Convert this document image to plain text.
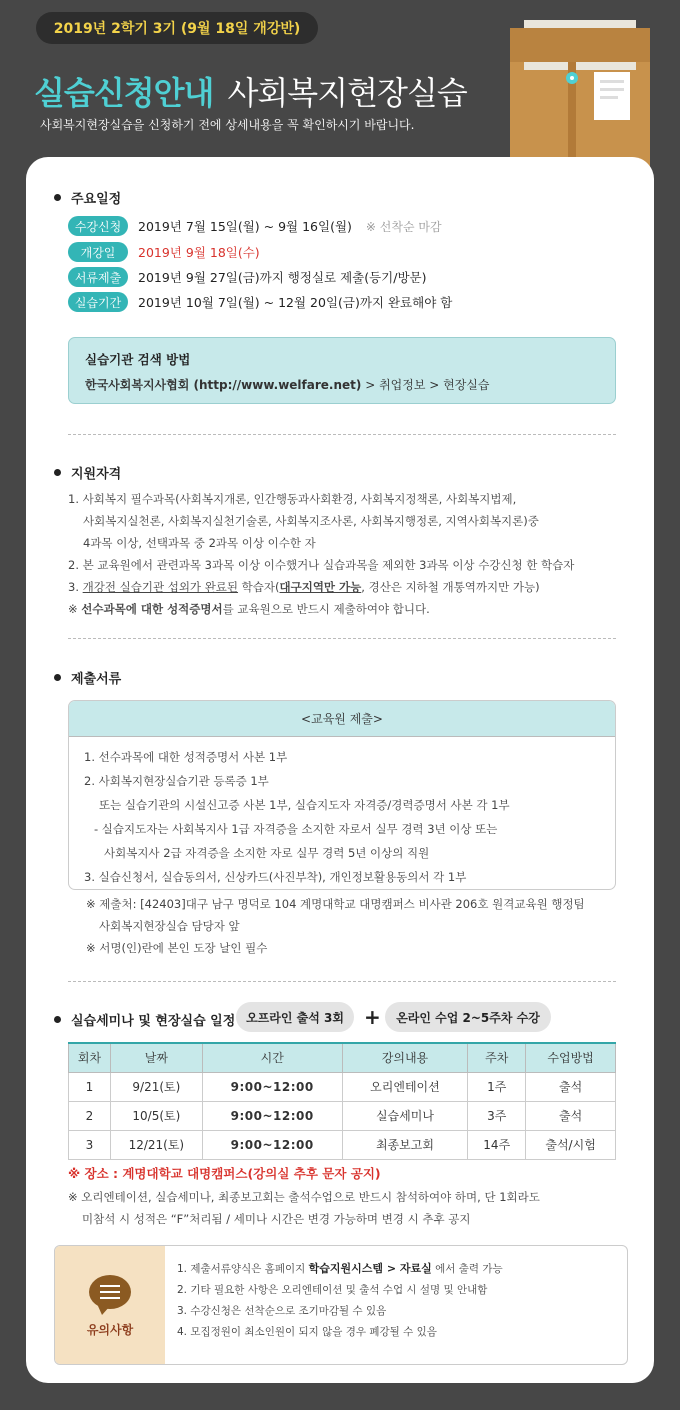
2019년 2학기 3기 (9월 18일 개강반)
실습신청안내 사회복지현장실습
사회복지현장실습을 신청하기 전에 상세내용을 꼭 확인하시기 바랍니다.
주요일정
수강신청	2019년 7월 15일(월) ~ 9월 16일(월) ※ 선착순 마감
개강일	2019년 9월 18일(수)
서류제출	2019년 9월 27일(금)까지 행정실로 제출(등기/방문)
실습기간	2019년 10월 7일(월) ~ 12월 20일(금)까지 완료해야 함
실습기관 검색 방법
한국사회복지사협회 (http://www.welfare.net) > 취업정보 > 현장실습
지원자격
1. 사회복지 필수과목(사회복지개론, 인간행동과사회환경, 사회복지정책론, 사회복지법제,
사회복지실천론, 사회복지실천기술론, 사회복지조사론, 사회복지행정론, 지역사회복지론)중
4과목 이상, 선택과목 중 2과목 이상 이수한 자
2. 본 교육원에서 관련과목 3과목 이상 이수했거나 실습과목을 제외한 3과목 이상 수강신청 한 학습자
3. 개강전 실습기관 섭외가 완료된 학습자(대구지역만 가능, 경산은 지하철 개통역까지만 가능)
※ 선수과목에 대한 성적증명서를 교육원으로 반드시 제출하여야 합니다.
제출서류
<교육원 제출>
1. 선수과목에 대한 성적증명서 사본 1부
2. 사회복지현장실습기관 등록증 1부
또는 실습기관의 시설신고증 사본 1부, 실습지도자 자격증/경력증명서 사본 각 1부
- 실습지도자는 사회복지사 1급 자격증을 소지한 자로서 실무 경력 3년 이상 또는
사회복지사 2급 자격증을 소지한 자로 실무 경력 5년 이상의 직원
3. 실습신청서, 실습동의서, 신상카드(사진부착), 개인정보활용동의서 각 1부
※ 제출처: [42403]대구 남구 명덕로 104 계명대학교 대명캠퍼스 비사관 206호 원격교육원 행정팀
사회복지현장실습 담당자 앞
※ 서명(인)란에 본인 도장 날인 필수
실습세미나 및 현장실습 일정 오프라인 출석 3회	+	온라인 수업 2~5주차 수강
회차	날짜	시간	강의내용	주차	수업방법
1	9/21(토)	9:00~12:00	오리엔테이션	1주	출석
2	10/5(토)	9:00~12:00	실습세미나	3주	출석
3	12/21(토)	9:00~12:00	최종보고회	14주	출석/시험
※ 장소 : 계명대학교 대명캠퍼스(강의실 추후 문자 공지)
※ 오리엔테이션, 실습세미나, 최종보고회는 출석수업으로 반드시 참석하여야 하며, 단 1회라도
미참석 시 성적은 “F”처리됨 / 세미나 시간은 변경 가능하며 변경 시 추후 공지
유의사항
1. 제출서류양식은 홈페이지 학습지원시스템 > 자료실 에서 출력 가능
2. 기타 필요한 사항은 오리엔테이션 및 출석 수업 시 설명 및 안내함
3. 수강신청은 선착순으로 조기마감될 수 있음
4. 모집정원이 최소인원이 되지 않을 경우 폐강될 수 있음
